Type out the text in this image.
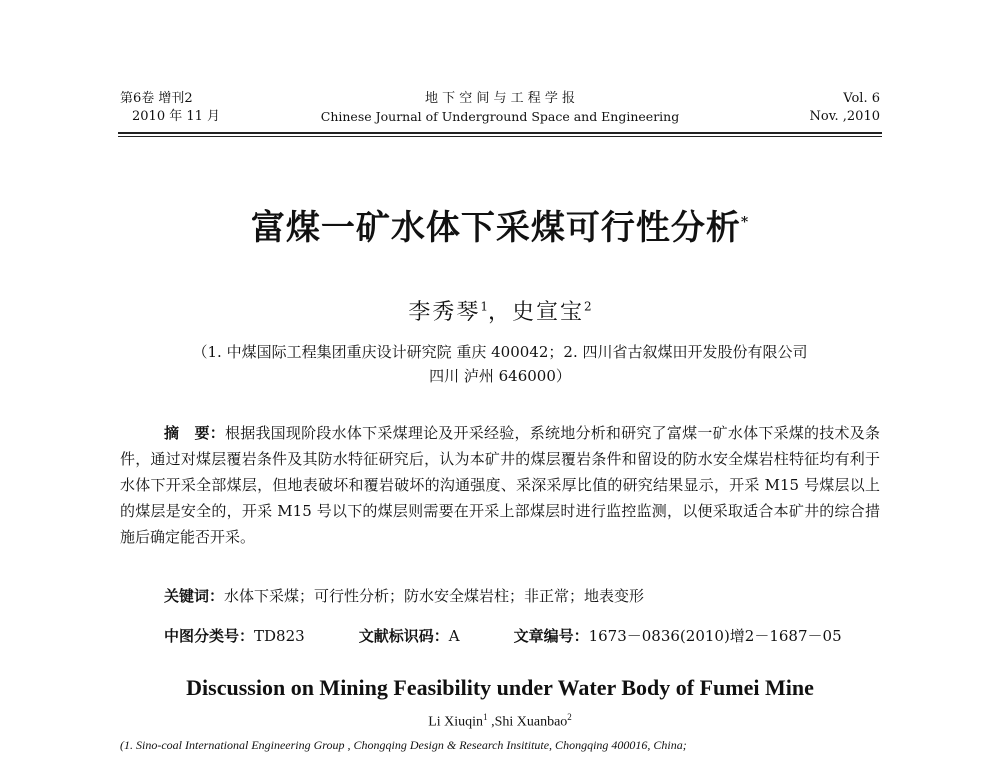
第6卷 增刊2
2010 年 11 月
地 下 空 间 与 工 程 学 报
Chinese Journal of Underground Space and Engineering
Vol. 6
Nov. ,2010
富煤一矿水体下采煤可行性分析*
李秀琴$^1$，史宣宝$^2$
（1. 中煤国际工程集团重庆设计研究院 重庆 400042；2. 四川省古叙煤田开发股份有限公司
四川 泸州 646000）
摘　要：根据我国现阶段水体下采煤理论及开采经验，系统地分析和研究了富煤一矿水体下采煤的技术及条件，通过对煤层覆岩条件及其防水特征研究后，认为本矿井的煤层覆岩条件和留设的防水安全煤岩柱特征均有利于水体下开采全部煤层，但地表破坏和覆岩破坏的沟通强度、采深采厚比值的研究结果显示，开采 M15 号煤层以上的煤层是安全的，开采 M15 号以下的煤层则需要在开采上部煤层时进行监控监测，以便采取适合本矿井的综合措施后确定能否开采。
关键词：水体下采煤；可行性分析；防水安全煤岩柱；非正常；地表变形
中图分类号：TD823	文献标识码：A	文章编号：1673－0836(2010)增2－1687－05
Discussion on Mining Feasibility under Water Body of Fumei Mine
Li Xiuqin$^1$ ,Shi Xuanbao$^2$
(1. Sino-coal International Engineering Group , Chongqing Design & Research Insititute, Chongqing 400016, China;
